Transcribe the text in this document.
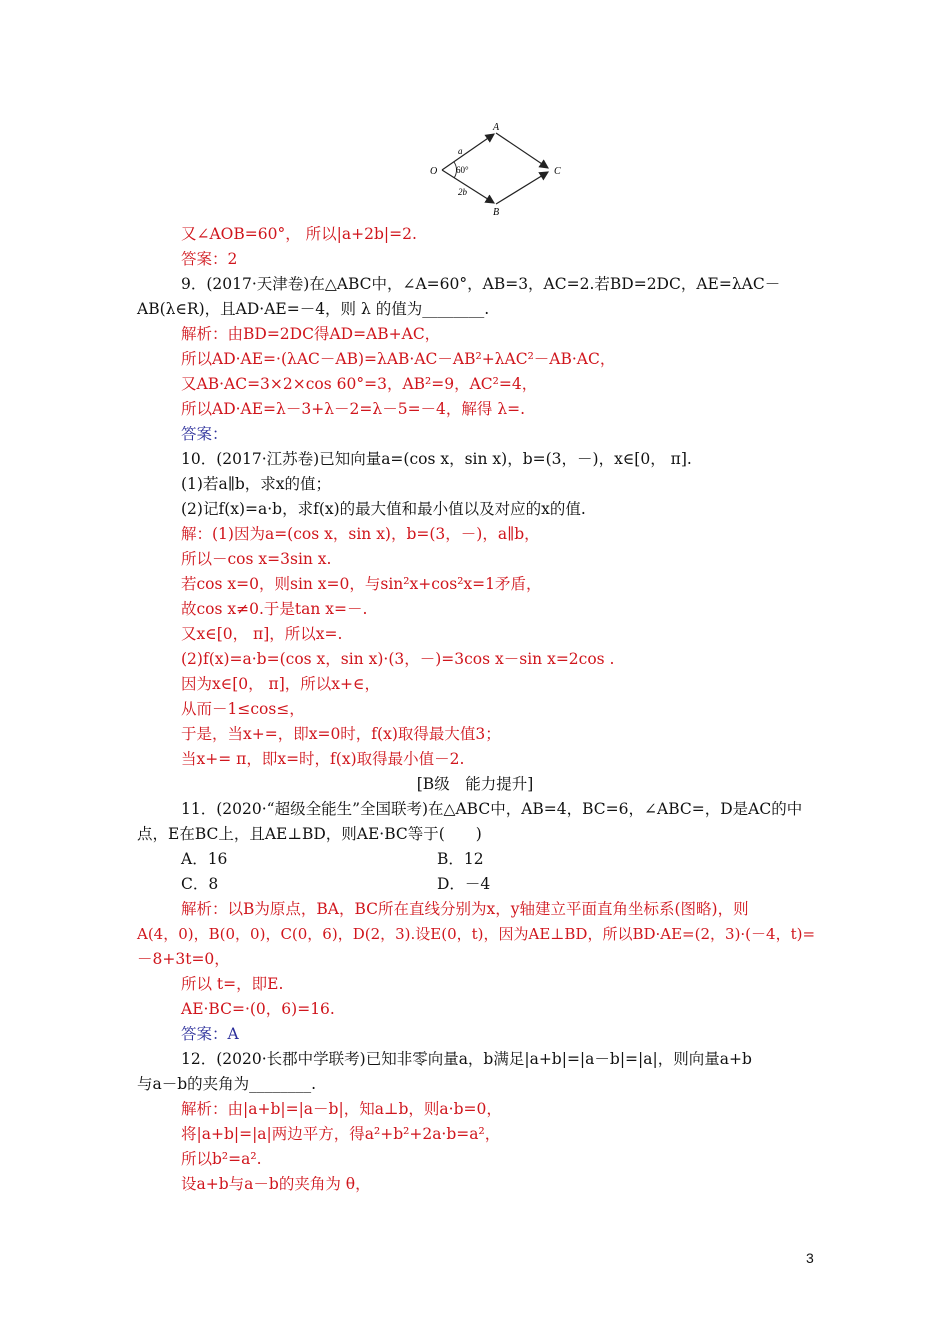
A
B
C
O
a
2b
60°
又∠AOB=60°， 所以|a+2b|=2.
答案：2
9．(2017·天津卷)在△ABC中，∠A=60°，AB=3，AC=2.若BD=2DC，AE=λAC－
AB(λ∈R)，且AD·AE=－4，则 λ 的值为________.
解析：由BD=2DC得AD=AB+AC，
所以AD·AE=·(λAC－AB)=λAB·AC－AB²+λAC²－AB·AC，
又AB·AC=3×2×cos 60°=3，AB²=9，AC²=4，
所以AD·AE=λ－3+λ－2=λ－5=－4，解得 λ=.
答案：
10．(2017·江苏卷)已知向量a=(cos x，sin x)，b=(3，－)，x∈[0， π].
(1)若a∥b，求x的值；
(2)记f(x)=a·b，求f(x)的最大值和最小值以及对应的x的值.
解：(1)因为a=(cos x，sin x)，b=(3，－)，a∥b，
所以－cos x=3sin x.
若cos x=0，则sin x=0，与sin²x+cos²x=1矛盾，
故cos x≠0.于是tan x=－.
又x∈[0， π]，所以x=.
(2)f(x)=a·b=(cos x，sin x)·(3，－)=3cos x－sin x=2cos .
因为x∈[0， π]，所以x+∈，
从而－1≤cos≤，
于是，当x+=，即x=0时，f(x)取得最大值3；
当x+= π，即x=时，f(x)取得最小值－2.
[B级　能力提升]
11．(2020·“超级全能生”全国联考)在△ABC中，AB=4，BC=6，∠ABC=，D是AC的中
点，E在BC上，且AE⊥BD，则AE·BC等于(　　)
A．16	B．12
C．8	D．－4
解析：以B为原点，BA，BC所在直线分别为x，y轴建立平面直角坐标系(图略)，则
A(4，0)，B(0，0)，C(0，6)，D(2，3).设E(0，t)，因为AE⊥BD，所以BD·AE=(2，3)·(－4，t)=
－8+3t=0，
所以 t=，即E.
AE·BC=·(0，6)=16.
答案：A
12．(2020·长郡中学联考)已知非零向量a，b满足|a+b|=|a－b|=|a|，则向量a+b
与a－b的夹角为________.
解析：由|a+b|=|a－b|，知a⊥b，则a·b=0，
将|a+b|=|a|两边平方，得a²+b²+2a·b=a²，
所以b²=a².
设a+b与a－b的夹角为 θ，
3
